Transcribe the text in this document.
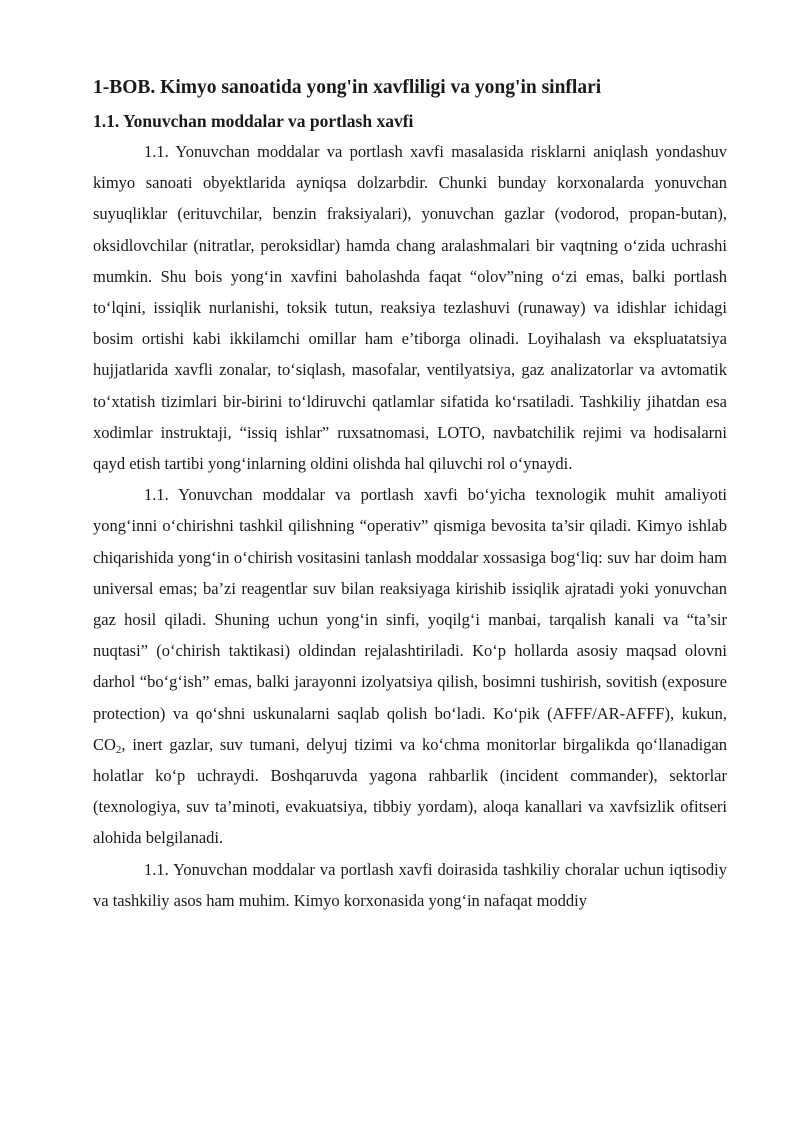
1-BOB. Kimyo sanoatida yong'in xavfliligi va yong'in sinflari
1.1. Yonuvchan moddalar va portlash xavfi

1.1. Yonuvchan moddalar va portlash xavfi masalasida risklarni aniqlash yondashuv kimyo sanoati obyektlarida ayniqsa dolzarbdir. Chunki bunday korxonalarda yonuvchan suyuqliklar (erituvchilar, benzin fraksiyalari), yonuvchan gazlar (vodorod, propan-butan), oksidlovchilar (nitratlar, peroksidlar) hamda chang aralashmalari bir vaqtning o‘zida uchrashi mumkin. Shu bois yong‘in xavfini baholashda faqat “olov”ning o‘zi emas, balki portlash to‘lqini, issiqlik nurlanishi, toksik tutun, reaksiya tezlashuvi (runaway) va idishlar ichidagi bosim ortishi kabi ikkilamchi omillar ham e’tiborga olinadi. Loyihalash va ekspluatatsiya hujjatlarida xavfli zonalar, to‘siqlash, masofalar, ventilyatsiya, gaz analizatorlar va avtomatik to‘xtatish tizimlari bir-birini to‘ldiruvchi qatlamlar sifatida ko‘rsatiladi. Tashkiliy jihatdan esa xodimlar instruktaji, “issiq ishlar” ruxsatnomasi, LOTO, navbatchilik rejimi va hodisalarni qayd etish tartibi yong‘inlarning oldini olishda hal qiluvchi rol o‘ynaydi.

1.1. Yonuvchan moddalar va portlash xavfi bo‘yicha texnologik muhit amaliyoti yong‘inni o‘chirishni tashkil qilishning “operativ” qismiga bevosita ta’sir qiladi. Kimyo ishlab chiqarishida yong‘in o‘chirish vositasini tanlash moddalar xossasiga bog‘liq: suv har doim ham universal emas; ba’zi reagentlar suv bilan reaksiyaga kirishib issiqlik ajratadi yoki yonuvchan gaz hosil qiladi. Shuning uchun yong‘in sinfi, yoqilg‘i manbai, tarqalish kanali va “ta’sir nuqtasi” (o‘chirish taktikasi) oldindan rejalashtiriladi. Ko‘p hollarda asosiy maqsad olovni darhol “bo‘g‘ish” emas, balki jarayonni izolyatsiya qilish, bosimni tushirish, sovitish (exposure protection) va qo‘shni uskunalarni saqlab qolish bo‘ladi. Ko‘pik (AFFF/AR-AFFF), kukun, $CO_2$, inert gazlar, suv tumani, delyuj tizimi va ko‘chma monitorlar birgalikda qo‘llanadigan holatlar ko‘p uchraydi. Boshqaruvda yagona rahbarlik (incident commander), sektorlar (texnologiya, suv ta’minoti, evakuatsiya, tibbiy yordam), aloqa kanallari va xavfsizlik ofitseri alohida belgilanadi.

1.1. Yonuvchan moddalar va portlash xavfi doirasida tashkiliy choralar uchun iqtisodiy va tashkiliy asos ham muhim. Kimyo korxonasida yong‘in nafaqat moddiy
